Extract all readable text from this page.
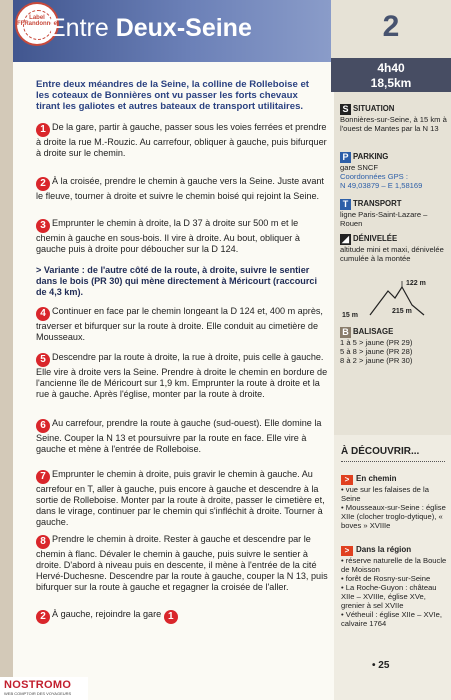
Label FFRandonnée
Entre Deux-Seine	2
4h40
18,5km
Entre deux méandres de la Seine, la colline de Rolleboise et les coteaux de Bonnières ont vu passer les forts chevaux tirant les galiotes et autres bateaux de transport utilitaires.
1 De la gare, partir à gauche, passer sous les voies ferrées et prendre à droite la rue M.-Rouzic. Au carrefour, obliquer à gauche, puis bifurquer à droite sur le chemin.
2 À la croisée, prendre le chemin à gauche vers la Seine. Juste avant le fleuve, tourner à droite et suivre le chemin boisé qui rejoint la Seine.
3 Emprunter le chemin à droite, la D 37 à droite sur 500 m et le chemin à gauche en sous-bois. Il vire à droite. Au bout, obliquer à gauche puis à droite pour déboucher sur la D 124.
> Variante : de l'autre côté de la route, à droite, suivre le sentier dans le bois (PR 30) qui mène directement à Méricourt (raccourci de 4,3 km).
4 Continuer en face par le chemin longeant la D 124 et, 400 m après, traverser et bifurquer sur la route à droite. Elle conduit au cimetière de Mousseaux.
5 Descendre par la route à droite, la rue à droite, puis celle à gauche. Elle vire à droite vers la Seine. Prendre à droite le chemin en bordure de l'ancienne île de Méricourt sur 1,9 km. Emprunter la route à droite et la rue à gauche. Après l'église, monter par la route à droite.
6 Au carrefour, prendre la route à gauche (sud-ouest). Elle domine la Seine. Couper la N 13 et poursuivre par la route en face. Elle vire à gauche et mène à l'entrée de Rolleboise.
7 Emprunter le chemin à droite, puis gravir le chemin à gauche. Au carrefour en T, aller à gauche, puis encore à gauche et descendre à la sortie de Rolleboise. Monter par la route à droite, passer le cimetière et, dans le virage, continuer par le chemin qui s'infléchit à droite. Tourner à gauche.
8 Prendre le chemin à droite. Rester à gauche et descendre par le chemin à flanc. Dévaler le chemin à gauche, puis suivre le sentier à droite. D'abord à niveau puis en descente, il mène à l'entrée de la cité Hervé-Duchesne. Descendre par la route à gauche, couper la N 13, puis bifurquer sur la route à gauche et regagner la croisée de l'aller.
2 À gauche, rejoindre la gare 1
S SITUATION
Bonnières-sur-Seine, à 15 km à l'ouest de Mantes par la N 13
P PARKING
gare SNCF
Coordonnées GPS :
N 49,03879 – E 1,58169
T TRANSPORT
ligne Paris-Saint-Lazare – Rouen
◢ DÉNIVELÉE
altitude mini et maxi, dénivelée cumulée à la montée
122 m
15 m
215 m
B BALISAGE
1 à 5 > jaune (PR 29)
5 à 8 > jaune (PR 28)
8 à 2 > jaune (PR 30)
À DÉCOUVRIR...
> En chemin
• vue sur les falaises de la Seine
• Mousseaux-sur-Seine : église XIIe (clocher troglo-dytique), « boves » XVIIIe
> Dans la région
• réserve naturelle de la Boucle de Moisson
• forêt de Rosny-sur-Seine
• La Roche-Guyon : château XIIe – XVIIIe, église XVe, grenier à sel XVIIe
• Vétheuil : église XIIe – XVIe, calvaire 1764
• 25
NOSTROMO
WEB COMPTOIR DES VOYAGEURS
